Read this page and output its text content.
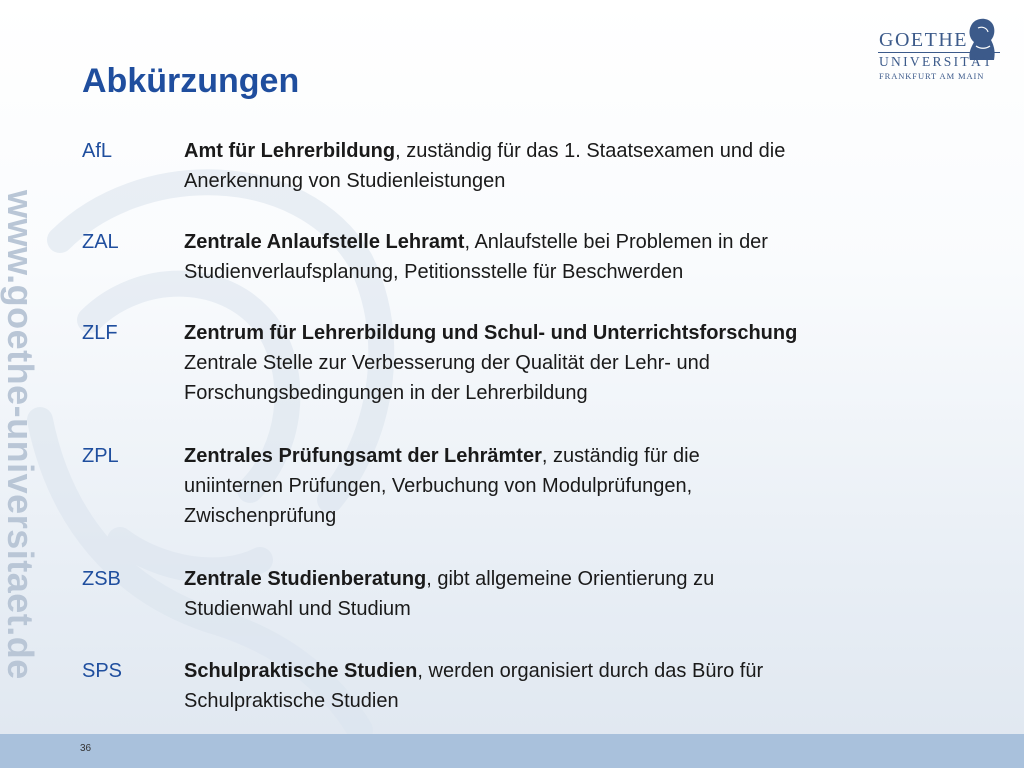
www.goethe-universitaet.de
GOETHE
UNIVERSITÄT
FRANKFURT AM MAIN
Abkürzungen
AfL	Amt für Lehrerbildung, zuständig für das 1. Staatsexamen und die
Anerkennung von Studienleistungen
ZAL	Zentrale Anlaufstelle Lehramt, Anlaufstelle bei Problemen in der
Studienverlaufsplanung, Petitionsstelle für Beschwerden
ZLF	Zentrum für Lehrerbildung und Schul- und Unterrichtsforschung
Zentrale Stelle zur Verbesserung der Qualität der Lehr- und
Forschungsbedingungen in der Lehrerbildung
ZPL	Zentrales Prüfungsamt der Lehrämter, zuständig für die
uniinternen Prüfungen, Verbuchung von Modulprüfungen,
Zwischenprüfung
ZSB	Zentrale Studienberatung, gibt allgemeine Orientierung zu
Studienwahl und Studium
SPS	Schulpraktische Studien, werden organisiert durch das Büro für
Schulpraktische Studien
36
